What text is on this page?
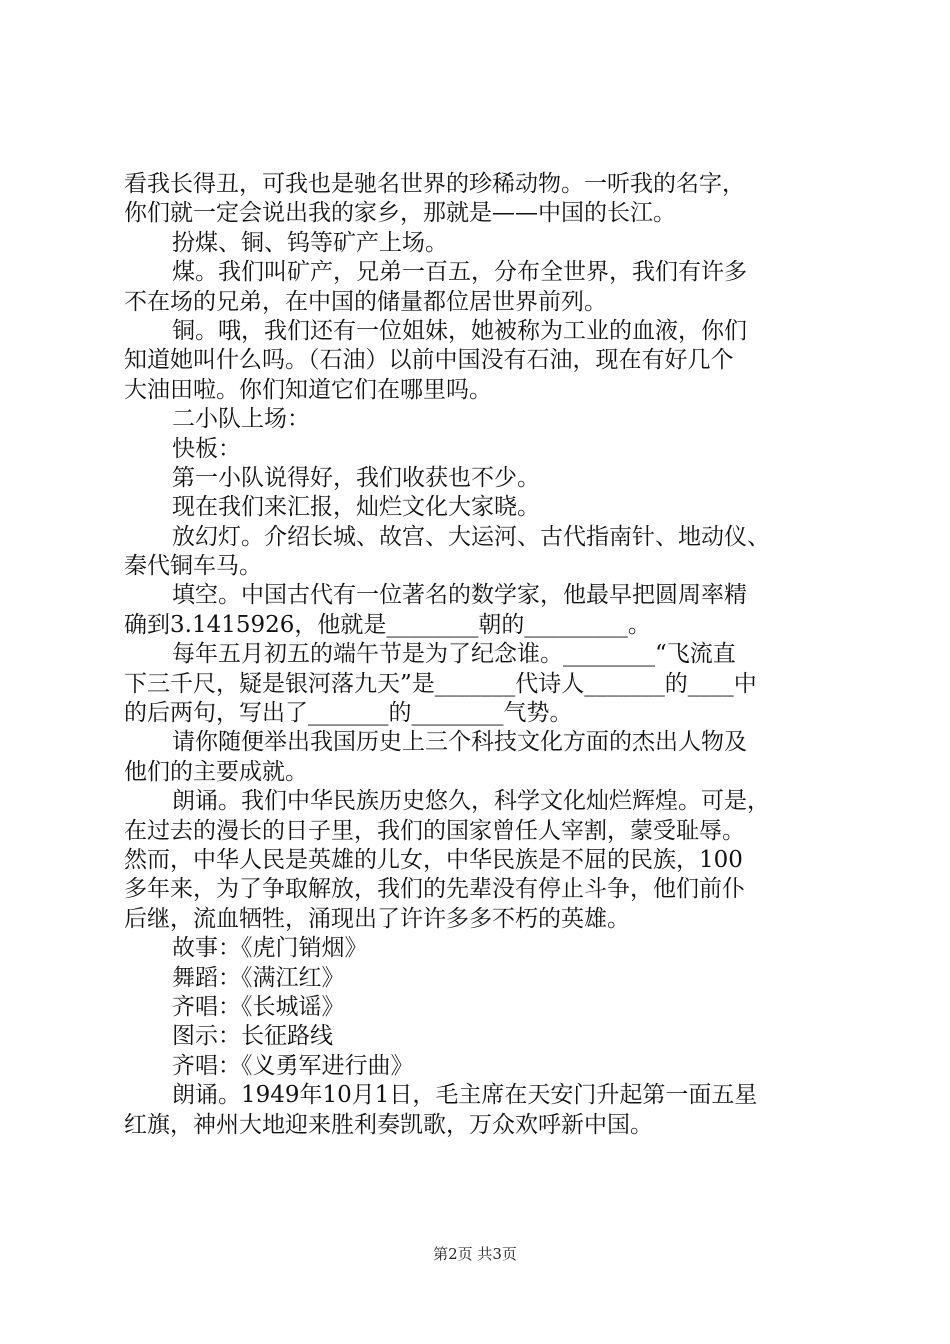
看我长得丑，可我也是驰名世界的珍稀动物。一听我的名字，
你们就一定会说出我的家乡，那就是——中国的长江。
扮煤、铜、钨等矿产上场。
煤。我们叫矿产，兄弟一百五，分布全世界，我们有许多
不在场的兄弟，在中国的储量都位居世界前列。
铜。哦，我们还有一位姐妹，她被称为工业的血液，你们
知道她叫什么吗。（石油）以前中国没有石油，现在有好几个
大油田啦。你们知道它们在哪里吗。
二小队上场：
快板：
第一小队说得好，我们收获也不少。
现在我们来汇报，灿烂文化大家晓。
放幻灯。介绍长城、故宫、大运河、古代指南针、地动仪、
秦代铜车马。
填空。中国古代有一位著名的数学家，他最早把圆周率精
确到3.1415926，他就是________朝的_________。
每年五月初五的端午节是为了纪念谁。________“飞流直
下三千尺，疑是银河落九天”是_______代诗人_______的____中
的后两句，写出了_______的________气势。
请你随便举出我国历史上三个科技文化方面的杰出人物及
他们的主要成就。
朗诵。我们中华民族历史悠久，科学文化灿烂辉煌。可是，
在过去的漫长的日子里，我们的国家曾任人宰割，蒙受耻辱。
然而，中华人民是英雄的儿女，中华民族是不屈的民族，100
多年来，为了争取解放，我们的先辈没有停止斗争，他们前仆
后继，流血牺牲，涌现出了许许多多不朽的英雄。
故事：《虎门销烟》
舞蹈：《满江红》
齐唱：《长城谣》
图示：长征路线
齐唱：《义勇军进行曲》
朗诵。1949年10月1日，毛主席在天安门升起第一面五星
红旗，神州大地迎来胜利奏凯歌，万众欢呼新中国。
第2页 共3页
